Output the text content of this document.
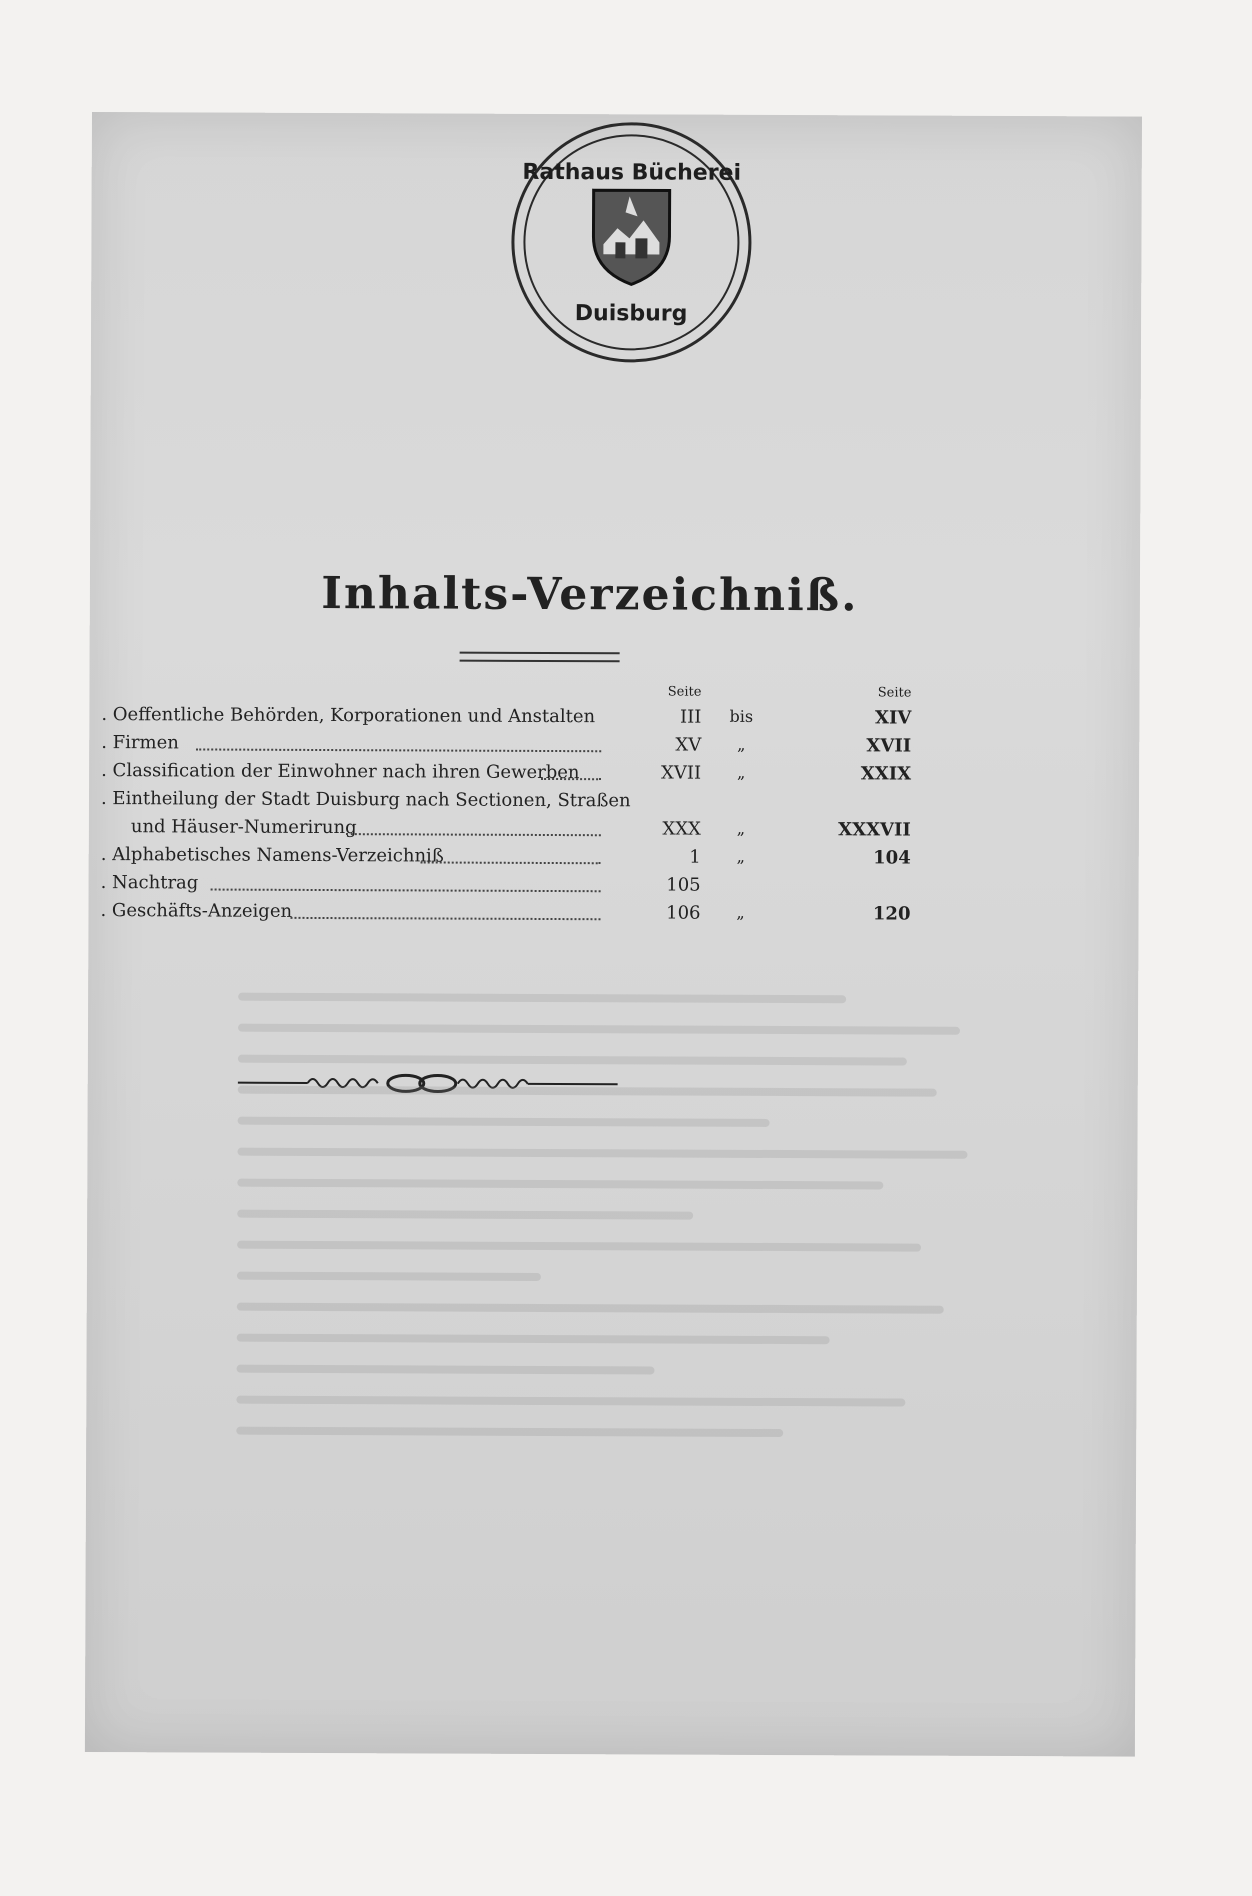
Rathaus Bücherei
Duisburg
Inhalts-Verzeichniß.
Seite	Seite
. Oeffentliche Behörden, Korporationen und Anstalten	III	bis	XIV
. Firmen	XV	„	XVII
. Classification der Einwohner nach ihren Gewerben	XVII	„	XXIX
. Eintheilung der Stadt Duisburg nach Sectionen, Straßen
und Häuser-Numerirung	XXX	„	XXXVII
. Alphabetisches Namens-Verzeichniß	1	„	104
. Nachtrag	105
. Geschäfts-Anzeigen	106	„	120
